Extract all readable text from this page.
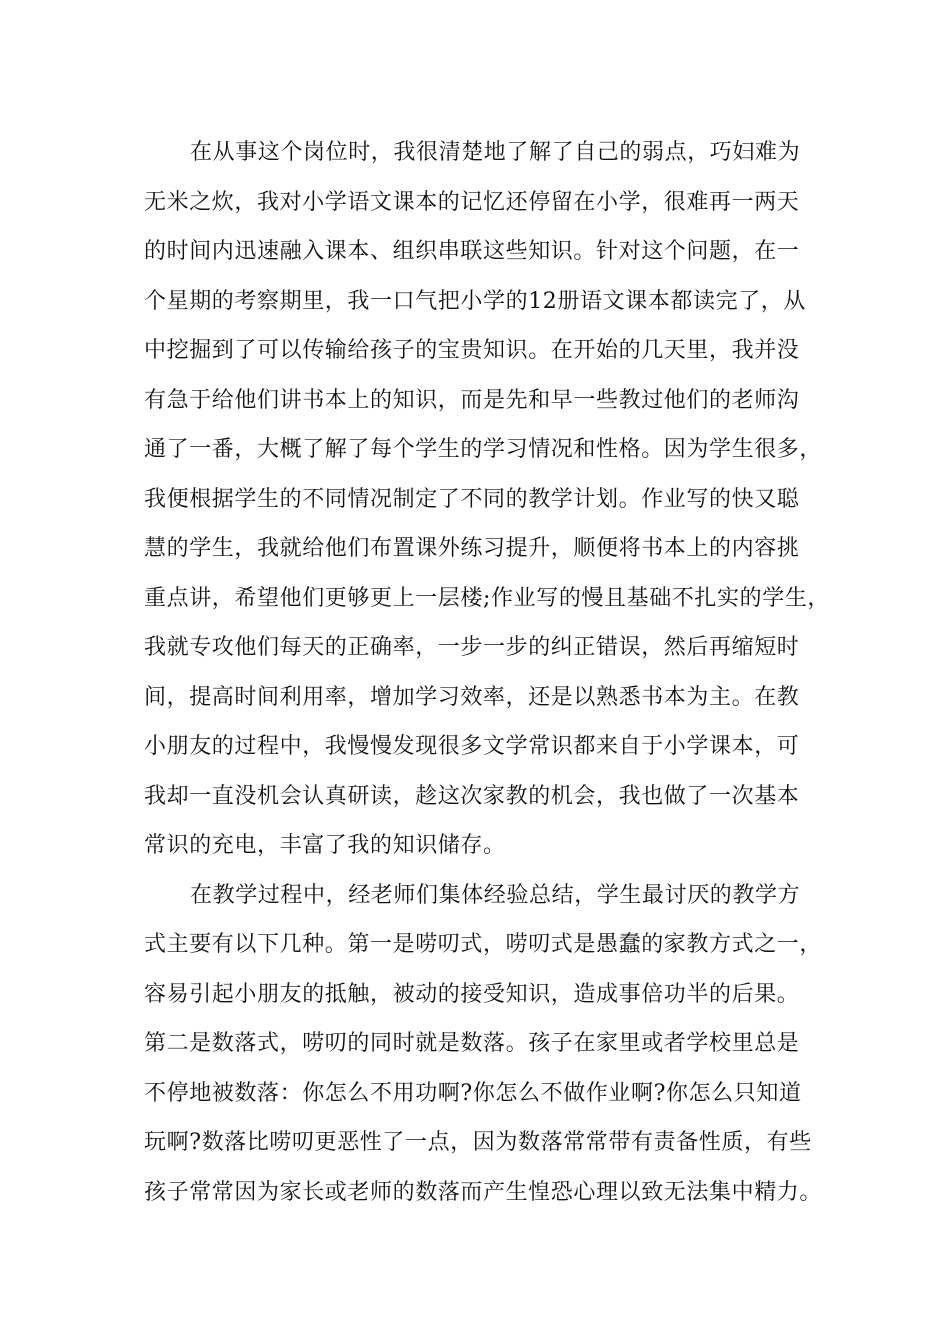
在从事这个岗位时，我很清楚地了解了自己的弱点，巧妇难为
无米之炊，我对小学语文课本的记忆还停留在小学，很难再一两天
的时间内迅速融入课本、组织串联这些知识。针对这个问题，在一
个星期的考察期里，我一口气把小学的12册语文课本都读完了，从
中挖掘到了可以传输给孩子的宝贵知识。在开始的几天里，我并没
有急于给他们讲书本上的知识，而是先和早一些教过他们的老师沟
通了一番，大概了解了每个学生的学习情况和性格。因为学生很多，
我便根据学生的不同情况制定了不同的教学计划。作业写的快又聪
慧的学生，我就给他们布置课外练习提升，顺便将书本上的内容挑
重点讲，希望他们更够更上一层楼;作业写的慢且基础不扎实的学生，
我就专攻他们每天的正确率，一步一步的纠正错误，然后再缩短时
间，提高时间利用率，增加学习效率，还是以熟悉书本为主。在教
小朋友的过程中，我慢慢发现很多文学常识都来自于小学课本，可
我却一直没机会认真研读，趁这次家教的机会，我也做了一次基本
常识的充电，丰富了我的知识储存。
在教学过程中，经老师们集体经验总结，学生最讨厌的教学方
式主要有以下几种。第一是唠叨式，唠叨式是愚蠢的家教方式之一，
容易引起小朋友的抵触，被动的接受知识，造成事倍功半的后果。
第二是数落式，唠叨的同时就是数落。孩子在家里或者学校里总是
不停地被数落：你怎么不用功啊?你怎么不做作业啊?你怎么只知道
玩啊?数落比唠叨更恶性了一点，因为数落常常带有责备性质，有些
孩子常常因为家长或老师的数落而产生惶恐心理以致无法集中精力。
